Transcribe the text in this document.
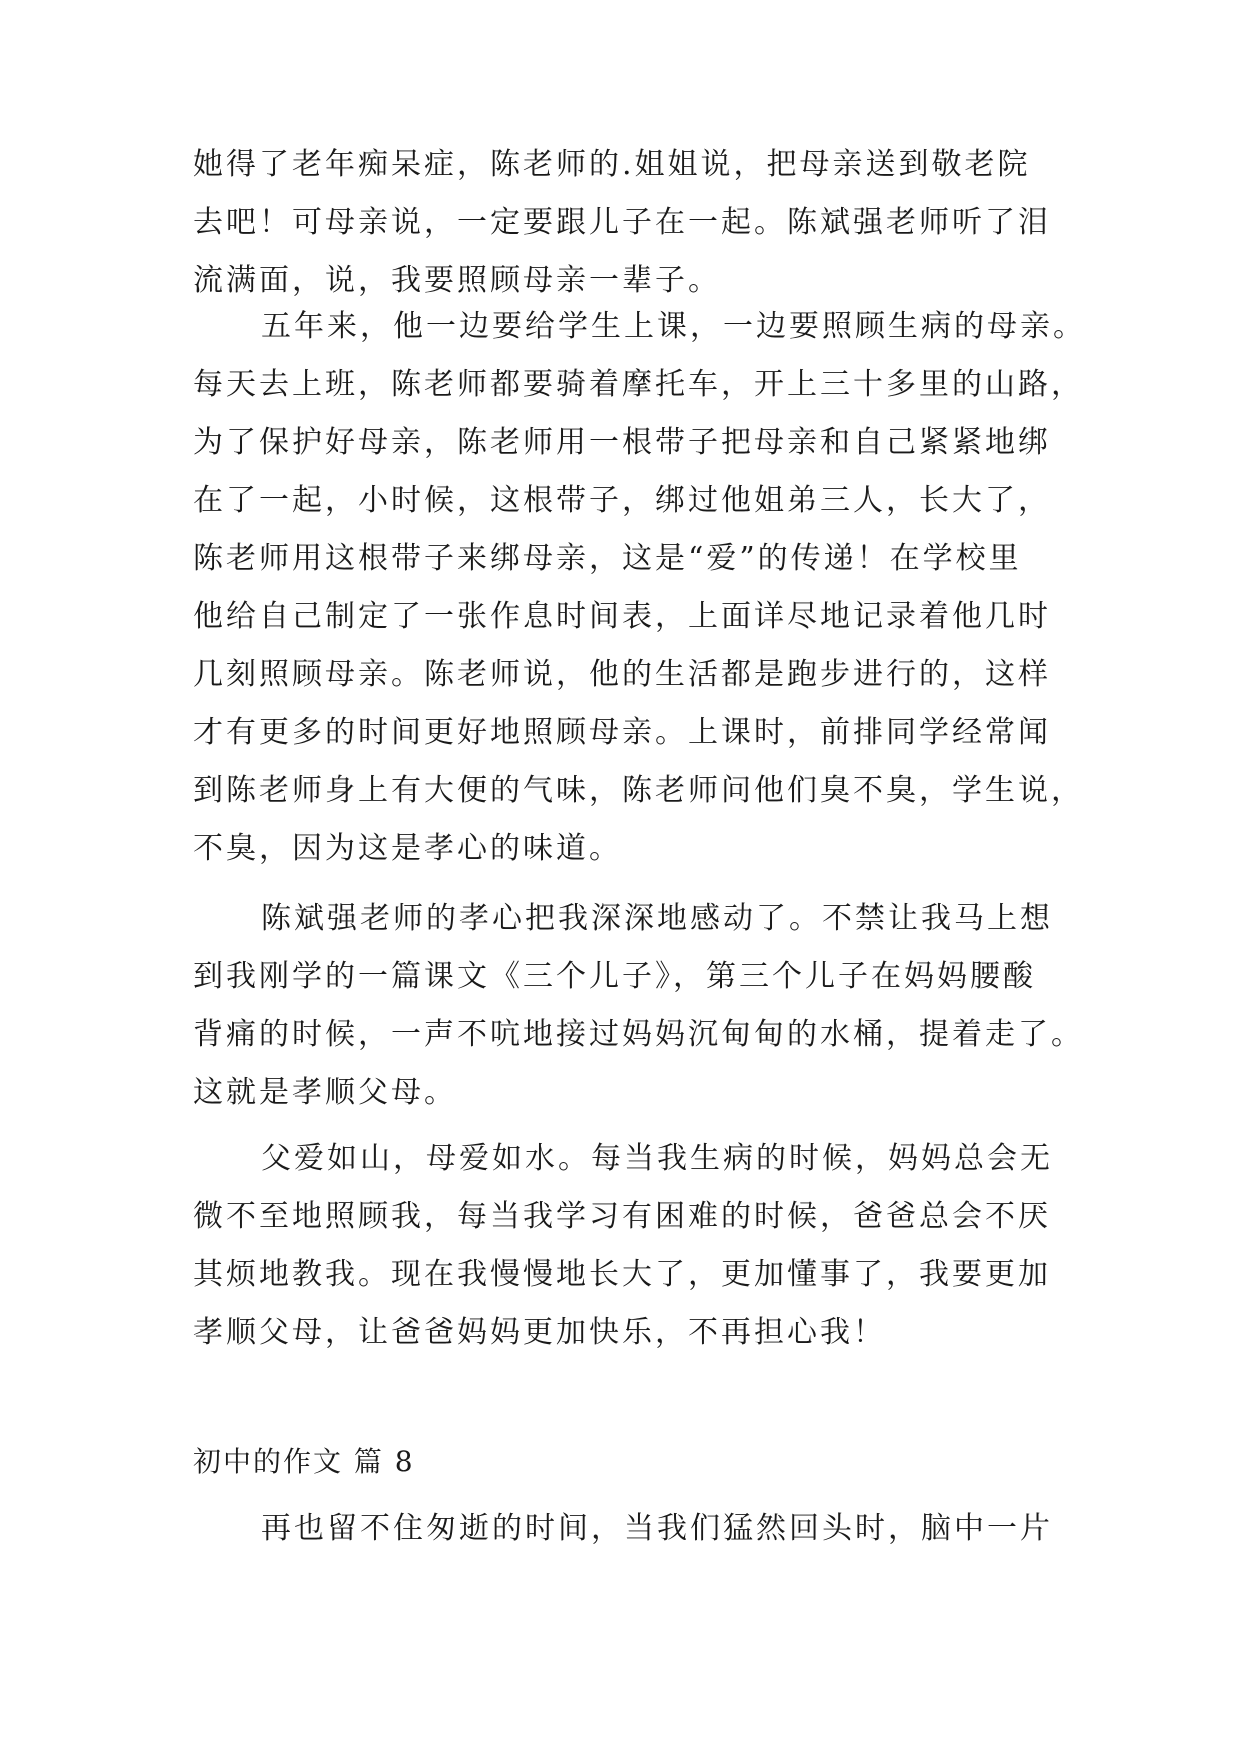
她得了老年痴呆症，陈老师的.姐姐说，把母亲送到敬老院
去吧！可母亲说，一定要跟儿子在一起。陈斌强老师听了泪
流满面，说，我要照顾母亲一辈子。
五年来，他一边要给学生上课，一边要照顾生病的母亲。
每天去上班，陈老师都要骑着摩托车，开上三十多里的山路，
为了保护好母亲，陈老师用一根带子把母亲和自己紧紧地绑
在了一起，小时候，这根带子，绑过他姐弟三人，长大了，
陈老师用这根带子来绑母亲，这是“爱”的传递！在学校里
他给自己制定了一张作息时间表，上面详尽地记录着他几时
几刻照顾母亲。陈老师说，他的生活都是跑步进行的，这样
才有更多的时间更好地照顾母亲。上课时，前排同学经常闻
到陈老师身上有大便的气味，陈老师问他们臭不臭，学生说，
不臭，因为这是孝心的味道。
陈斌强老师的孝心把我深深地感动了。不禁让我马上想
到我刚学的一篇课文《三个儿子》，第三个儿子在妈妈腰酸
背痛的时候，一声不吭地接过妈妈沉甸甸的水桶，提着走了。
这就是孝顺父母。
父爱如山，母爱如水。每当我生病的时候，妈妈总会无
微不至地照顾我，每当我学习有困难的时候，爸爸总会不厌
其烦地教我。现在我慢慢地长大了，更加懂事了，我要更加
孝顺父母，让爸爸妈妈更加快乐，不再担心我！
初中的作文 篇 8
再也留不住匆逝的时间，当我们猛然回头时，脑中一片
